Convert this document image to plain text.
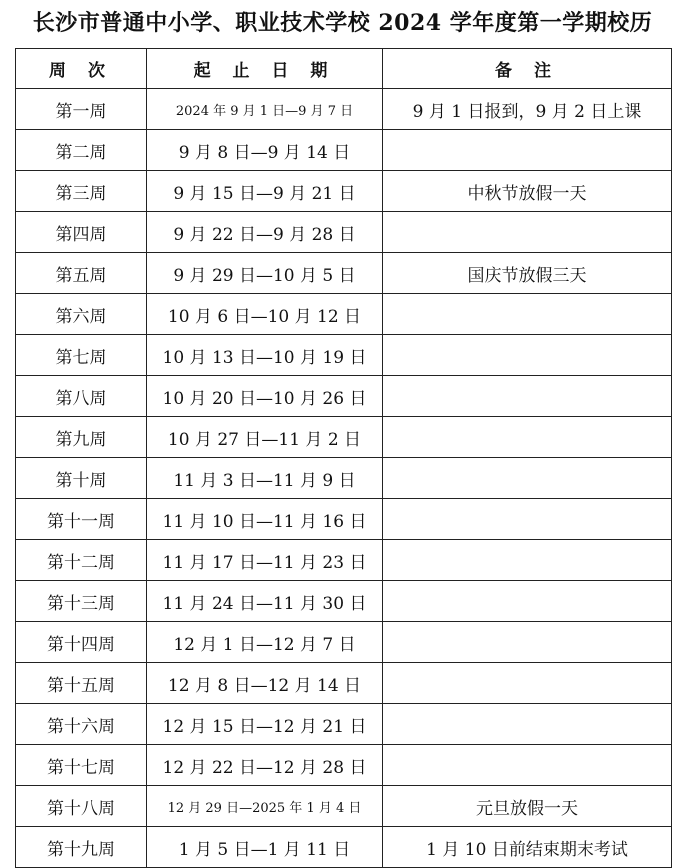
长沙市普通中小学、职业技术学校 2024 学年度第一学期校历
周 次	起 止 日 期	备 注
第一周	2024 年 9 月 1 日—9 月 7 日	9 月 1 日报到，9 月 2 日上课
第二周	9 月 8 日—9 月 14 日	
第三周	9 月 15 日—9 月 21 日	中秋节放假一天
第四周	9 月 22 日—9 月 28 日	
第五周	9 月 29 日—10 月 5 日	国庆节放假三天
第六周	10 月 6 日—10 月 12 日	
第七周	10 月 13 日—10 月 19 日	
第八周	10 月 20 日—10 月 26 日	
第九周	10 月 27 日—11 月 2 日	
第十周	11 月 3 日—11 月 9 日	
第十一周	11 月 10 日—11 月 16 日	
第十二周	11 月 17 日—11 月 23 日	
第十三周	11 月 24 日—11 月 30 日	
第十四周	12 月 1 日—12 月 7 日	
第十五周	12 月 8 日—12 月 14 日	
第十六周	12 月 15 日—12 月 21 日	
第十七周	12 月 22 日—12 月 28 日	
第十八周	12 月 29 日—2025 年 1 月 4 日	元旦放假一天
第十九周	1 月 5 日—1 月 11 日	1 月 10 日前结束期末考试
